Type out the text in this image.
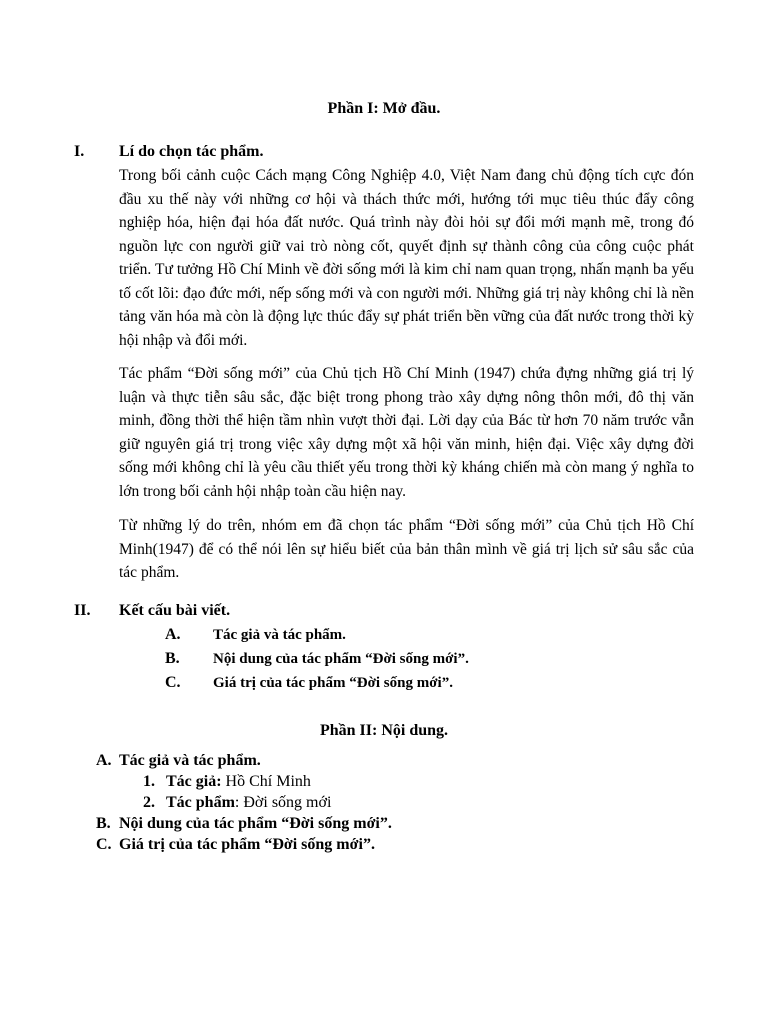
Phần I: Mở đầu.
I. Lí do chọn tác phẩm.

Trong bối cảnh cuộc Cách mạng Công Nghiệp 4.0, Việt Nam đang chủ động tích cực đón đầu xu thế này với những cơ hội và thách thức mới, hướng tới mục tiêu thúc đẩy công nghiệp hóa, hiện đại hóa đất nước. Quá trình này đòi hỏi sự đổi mới mạnh mẽ, trong đó nguồn lực con người giữ vai trò nòng cốt, quyết định sự thành công của công cuộc phát triển. Tư tưởng Hồ Chí Minh về đời sống mới là kim chỉ nam quan trọng, nhấn mạnh ba yếu tố cốt lõi: đạo đức mới, nếp sống mới và con người mới. Những giá trị này không chỉ là nền tảng văn hóa mà còn là động lực thúc đẩy sự phát triển bền vững của đất nước trong thời kỳ hội nhập và đổi mới.

Tác phẩm “Đời sống mới” của Chủ tịch Hồ Chí Minh (1947) chứa đựng những giá trị lý luận và thực tiễn sâu sắc, đặc biệt trong phong trào xây dựng nông thôn mới, đô thị văn minh, đồng thời thể hiện tầm nhìn vượt thời đại. Lời dạy của Bác từ hơn 70 năm trước vẫn giữ nguyên giá trị trong việc xây dựng một xã hội văn minh, hiện đại. Việc xây dựng đời sống mới không chỉ là yêu cầu thiết yếu trong thời kỳ kháng chiến mà còn mang ý nghĩa to lớn trong bối cảnh hội nhập toàn cầu hiện nay.

Từ những lý do trên, nhóm em đã chọn tác phẩm “Đời sống mới” của Chủ tịch Hồ Chí Minh(1947) để có thể nói lên sự hiểu biết của bản thân mình về giá trị lịch sử sâu sắc của tác phẩm.

II. Kết cấu bài viết.
A. Tác giả và tác phẩm.
B. Nội dung của tác phẩm “Đời sống mới”.
C. Giá trị của tác phẩm “Đời sống mới”.
Phần II: Nội dung.
A. Tác giả và tác phẩm.
1. Tác giả: Hồ Chí Minh
2. Tác phẩm: Đời sống mới
B. Nội dung của tác phẩm “Đời sống mới”.
C. Giá trị của tác phẩm “Đời sống mới”.
